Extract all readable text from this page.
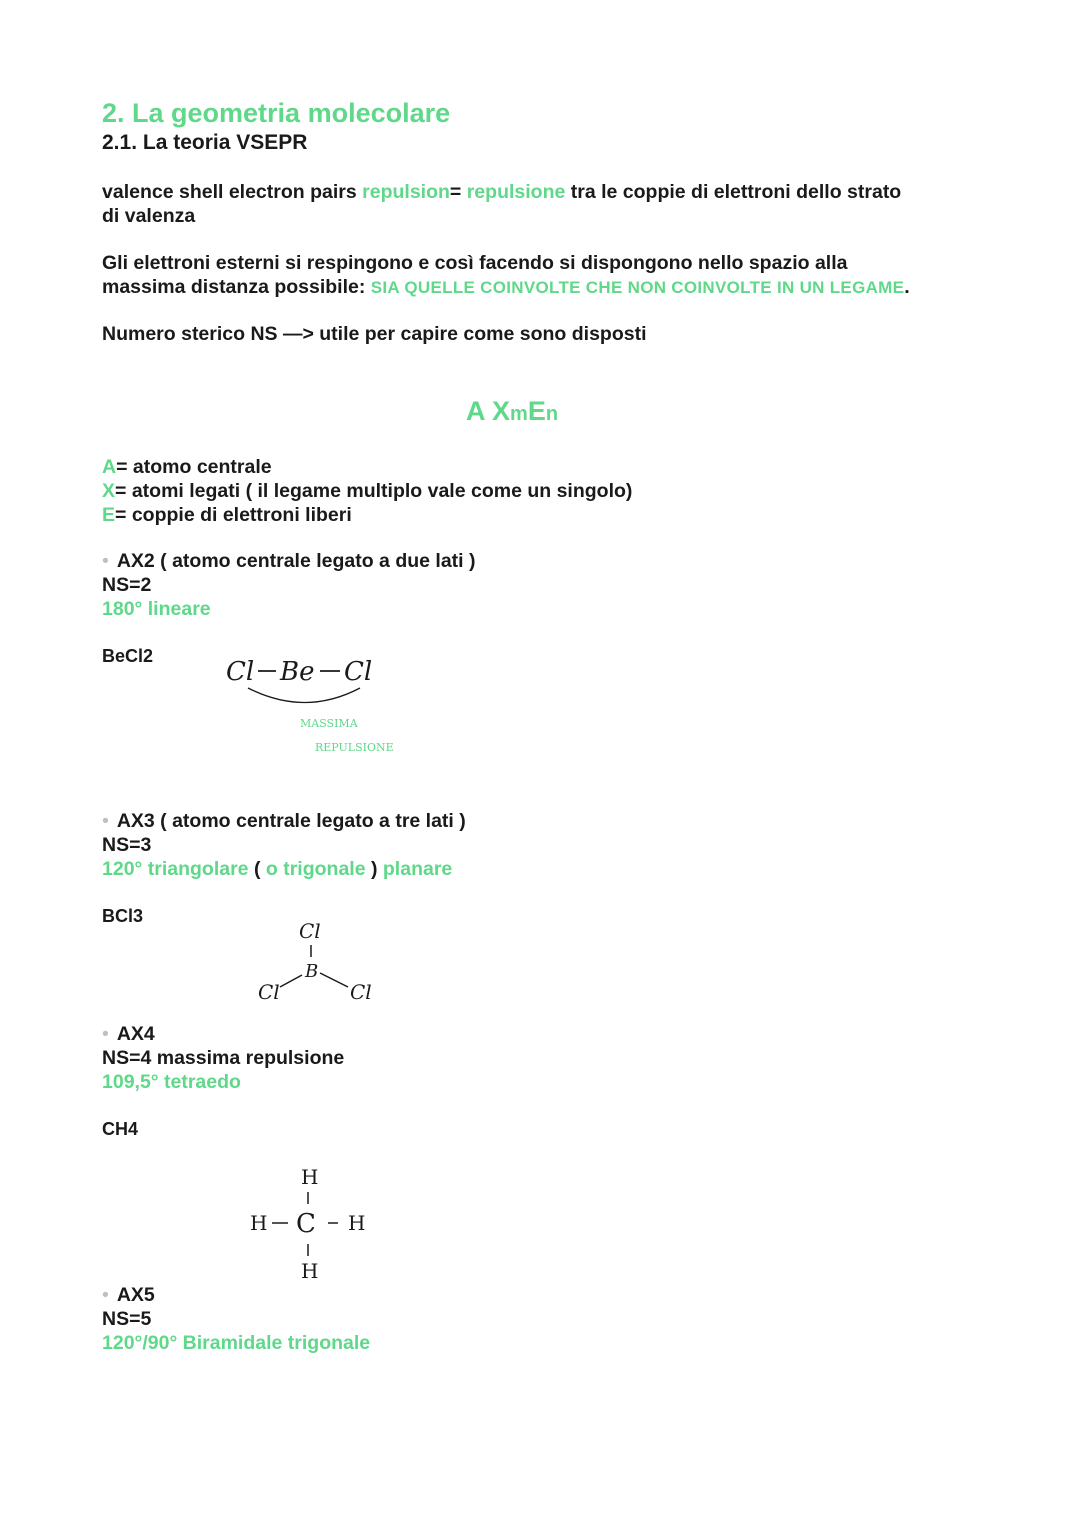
2. La geometria molecolare
2.1. La teoria VSEPR
valence shell electron pairs repulsion= repulsione tra le coppie di elettroni dello strato
di valenza
Gli elettroni esterni si respingono e così facendo si dispongono nello spazio alla
massima distanza possibile: SIA QUELLE COINVOLTE CHE NON COINVOLTE IN UN LEGAME.
Numero sterico NS —> utile per capire come sono disposti
A XmEn
A= atomo centrale
X= atomi legati ( il legame multiplo vale come un singolo)
E= coppie di elettroni liberi
• AX2 ( atomo centrale legato a due lati )
NS=2
180° lineare
BeCl2
Cl Be Cl
MASSIMA
REPULSIONE
• AX3 ( atomo centrale legato a tre lati )
NS=3
120° triangolare ( o trigonale ) planare
BCl3
Cl
B
Cl	Cl
• AX4
NS=4 massima repulsione
109,5° tetraedo
CH4
H
H C H
H
• AX5
NS=5
120°/90° Biramidale trigonale
